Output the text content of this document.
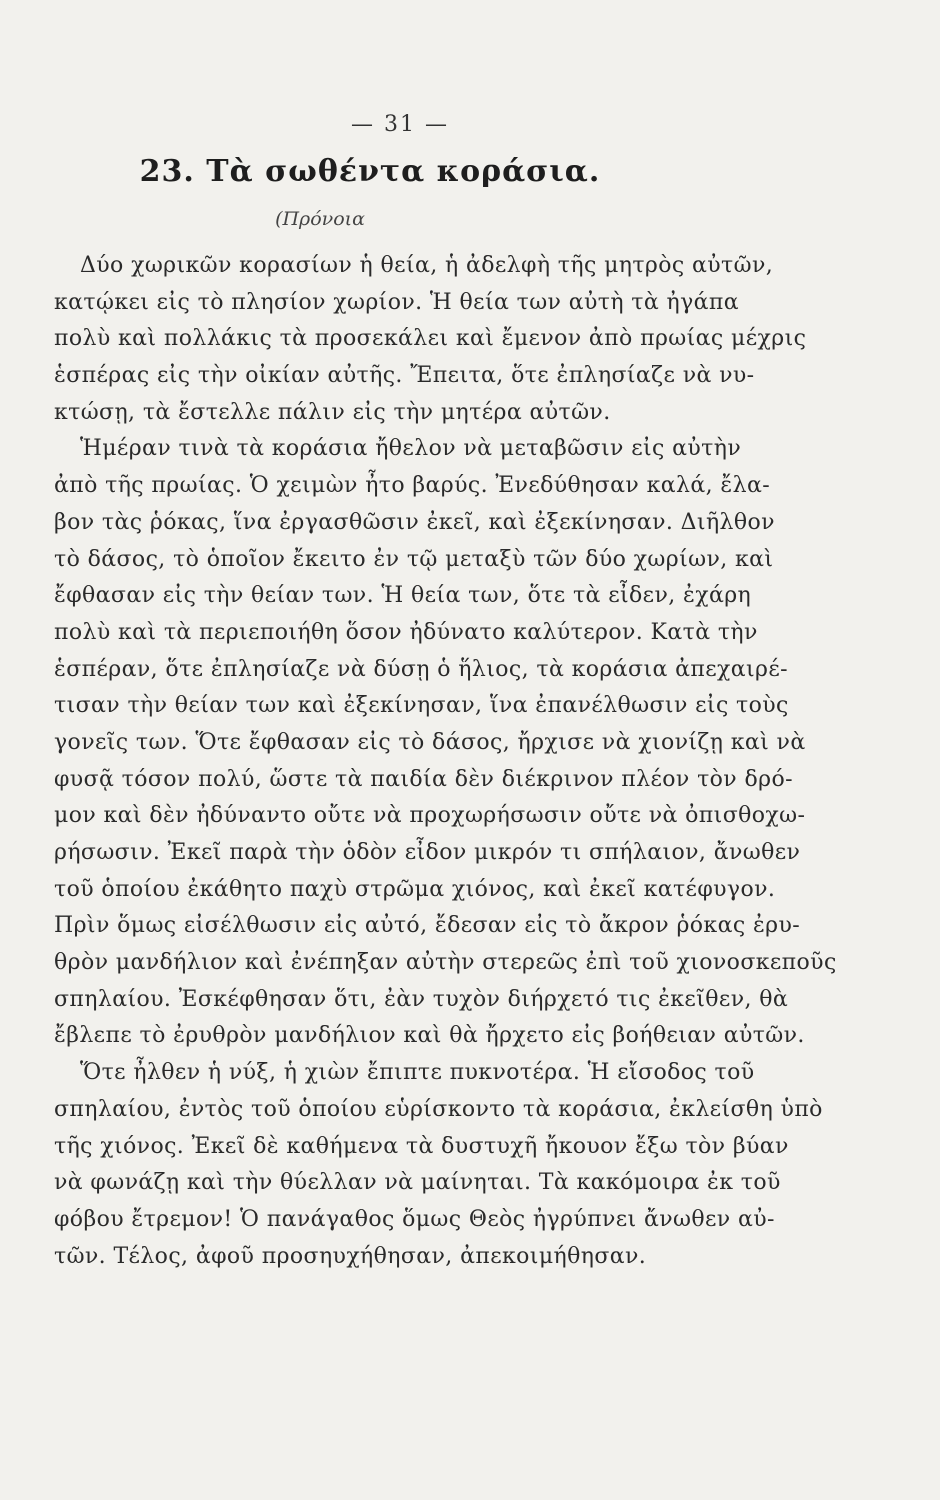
— 31 —
23. Τὰ σωθέντα κοράσια.
(Πρόνοια
Δύο χωρικῶν κορασίων ἡ θεία, ἡ ἀδελφὴ τῆς μητρὸς αὐτῶν,
κατῴκει εἰς τὸ πλησίον χωρίον. Ἡ θεία των αὐτὴ τὰ ἠγάπα
πολὺ καὶ πολλάκις τὰ προσεκάλει καὶ ἔμενον ἀπὸ πρωίας μέχρις
ἑσπέρας εἰς τὴν οἰκίαν αὐτῆς. Ἔπειτα, ὅτε ἐπλησίαζε νὰ νυ-
κτώσῃ, τὰ ἔστελλε πάλιν εἰς τὴν μητέρα αὐτῶν.
Ἡμέραν τινὰ τὰ κοράσια ἤθελον νὰ μεταβῶσιν εἰς αὐτὴν
ἀπὸ τῆς πρωίας. Ὁ χειμὼν ἦτο βαρύς. Ἐνεδύθησαν καλά, ἔλα-
βον τὰς ῥόκας, ἵνα ἐργασθῶσιν ἐκεῖ, καὶ ἐξεκίνησαν. Διῆλθον
τὸ δάσος, τὸ ὁποῖον ἔκειτο ἐν τῷ μεταξὺ τῶν δύο χωρίων, καὶ
ἔφθασαν εἰς τὴν θείαν των. Ἡ θεία των, ὅτε τὰ εἶδεν, ἐχάρη
πολὺ καὶ τὰ περιεποιήθη ὅσον ἠδύνατο καλύτερον. Κατὰ τὴν
ἑσπέραν, ὅτε ἐπλησίαζε νὰ δύσῃ ὁ ἥλιος, τὰ κοράσια ἀπεχαιρέ-
τισαν τὴν θείαν των καὶ ἐξεκίνησαν, ἵνα ἐπανέλθωσιν εἰς τοὺς
γονεῖς των. Ὅτε ἔφθασαν εἰς τὸ δάσος, ἤρχισε νὰ χιονίζῃ καὶ νὰ
φυσᾷ τόσον πολύ, ὥστε τὰ παιδία δὲν διέκρινον πλέον τὸν δρό-
μον καὶ δὲν ἠδύναντο οὔτε νὰ προχωρήσωσιν οὔτε νὰ ὀπισθοχω-
ρήσωσιν. Ἐκεῖ παρὰ τὴν ὁδὸν εἶδον μικρόν τι σπήλαιον, ἄνωθεν
τοῦ ὁποίου ἐκάθητο παχὺ στρῶμα χιόνος, καὶ ἐκεῖ κατέφυγον.
Πρὶν ὅμως εἰσέλθωσιν εἰς αὐτό, ἔδεσαν εἰς τὸ ἄκρον ῥόκας ἐρυ-
θρὸν μανδήλιον καὶ ἐνέπηξαν αὐτὴν στερεῶς ἐπὶ τοῦ χιονοσκεποῦς
σπηλαίου. Ἐσκέφθησαν ὅτι, ἐὰν τυχὸν διήρχετό τις ἐκεῖθεν, θὰ
ἔβλεπε τὸ ἐρυθρὸν μανδήλιον καὶ θὰ ἤρχετο εἰς βοήθειαν αὐτῶν.
Ὅτε ἦλθεν ἡ νύξ, ἡ χιὼν ἔπιπτε πυκνοτέρα. Ἡ εἴσοδος τοῦ
σπηλαίου, ἐντὸς τοῦ ὁποίου εὑρίσκοντο τὰ κοράσια, ἐκλείσθη ὑπὸ
τῆς χιόνος. Ἐκεῖ δὲ καθήμενα τὰ δυστυχῆ ἤκουον ἔξω τὸν βύαν
νὰ φωνάζῃ καὶ τὴν θύελλαν νὰ μαίνηται. Τὰ κακόμοιρα ἐκ τοῦ
φόβου ἔτρεμον! Ὁ πανάγαθος ὅμως Θεὸς ἠγρύπνει ἄνωθεν αὐ-
τῶν. Τέλος, ἀφοῦ προσηυχήθησαν, ἀπεκοιμήθησαν.
